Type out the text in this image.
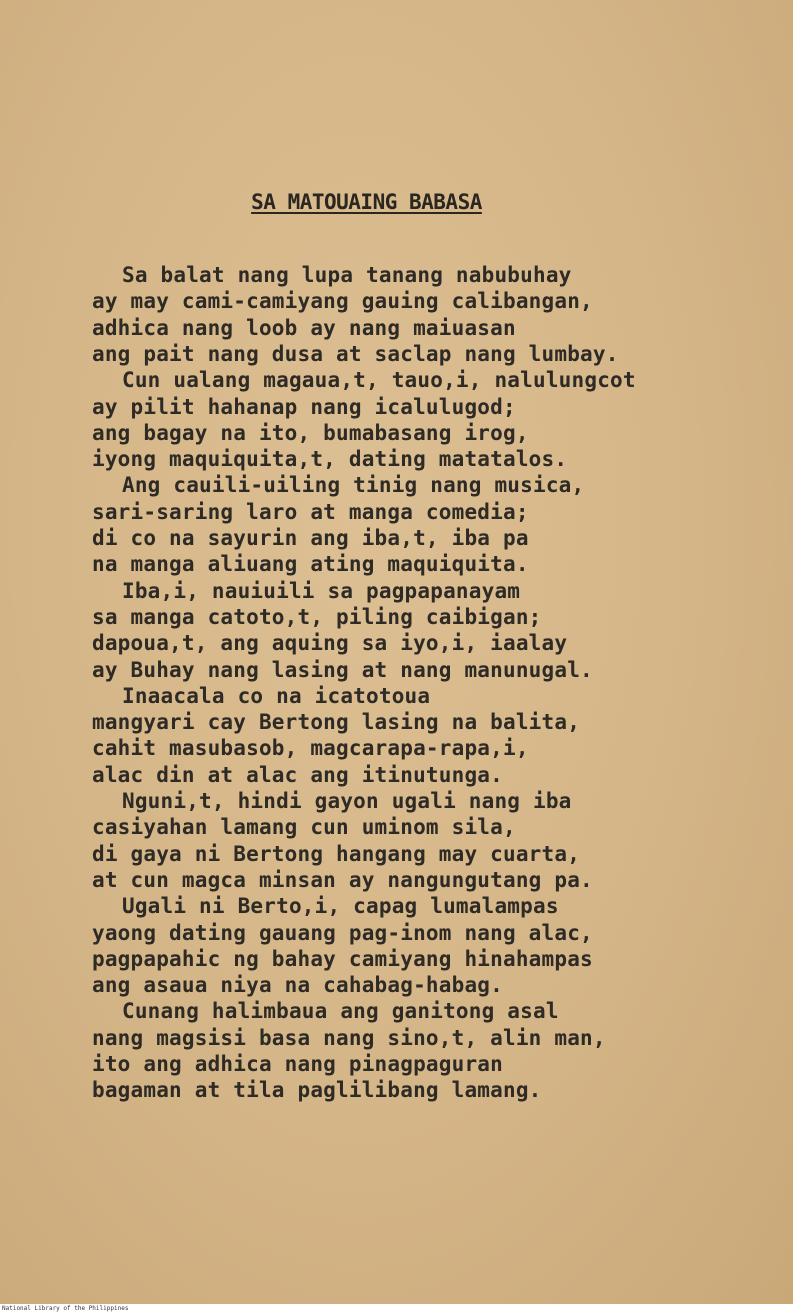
SA MATOUAING BABASA
Sa balat nang lupa tanang nabubuhay
ay may cami-camiyang gauing calibangan,
adhica nang loob ay nang maiuasan
ang pait nang dusa at saclap nang lumbay.
Cun ualang magaua,t, tauo,i, nalulungcot
ay pilit hahanap nang icalulugod;
ang bagay na ito, bumabasang irog,
iyong maquiquita,t, dating matatalos.
Ang cauili-uiling tinig nang musica,
sari-saring laro at manga comedia;
di co na sayurin ang iba,t, iba pa
na manga aliuang ating maquiquita.
Iba,i, nauiuili sa pagpapanayam
sa manga catoto,t, piling caibigan;
dapoua,t, ang aquing sa iyo,i, iaalay
ay Buhay nang lasing at nang manunugal.
Inaacala co na icatotoua
mangyari cay Bertong lasing na balita,
cahit masubasob, magcarapa-rapa,i,
alac din at alac ang itinutunga.
Nguni,t, hindi gayon ugali nang iba
casiyahan lamang cun uminom sila,
di gaya ni Bertong hangang may cuarta,
at cun magca minsan ay nangungutang pa.
Ugali ni Berto,i, capag lumalampas
yaong dating gauang pag-inom nang alac,
pagpapahic ng bahay camiyang hinahampas
ang asaua niya na cahabag-habag.
Cunang halimbaua ang ganitong asal
nang magsisi basa nang sino,t, alin man,
ito ang adhica nang pinagpaguran
bagaman at tila paglilibang lamang.
National Library of the Philippines
